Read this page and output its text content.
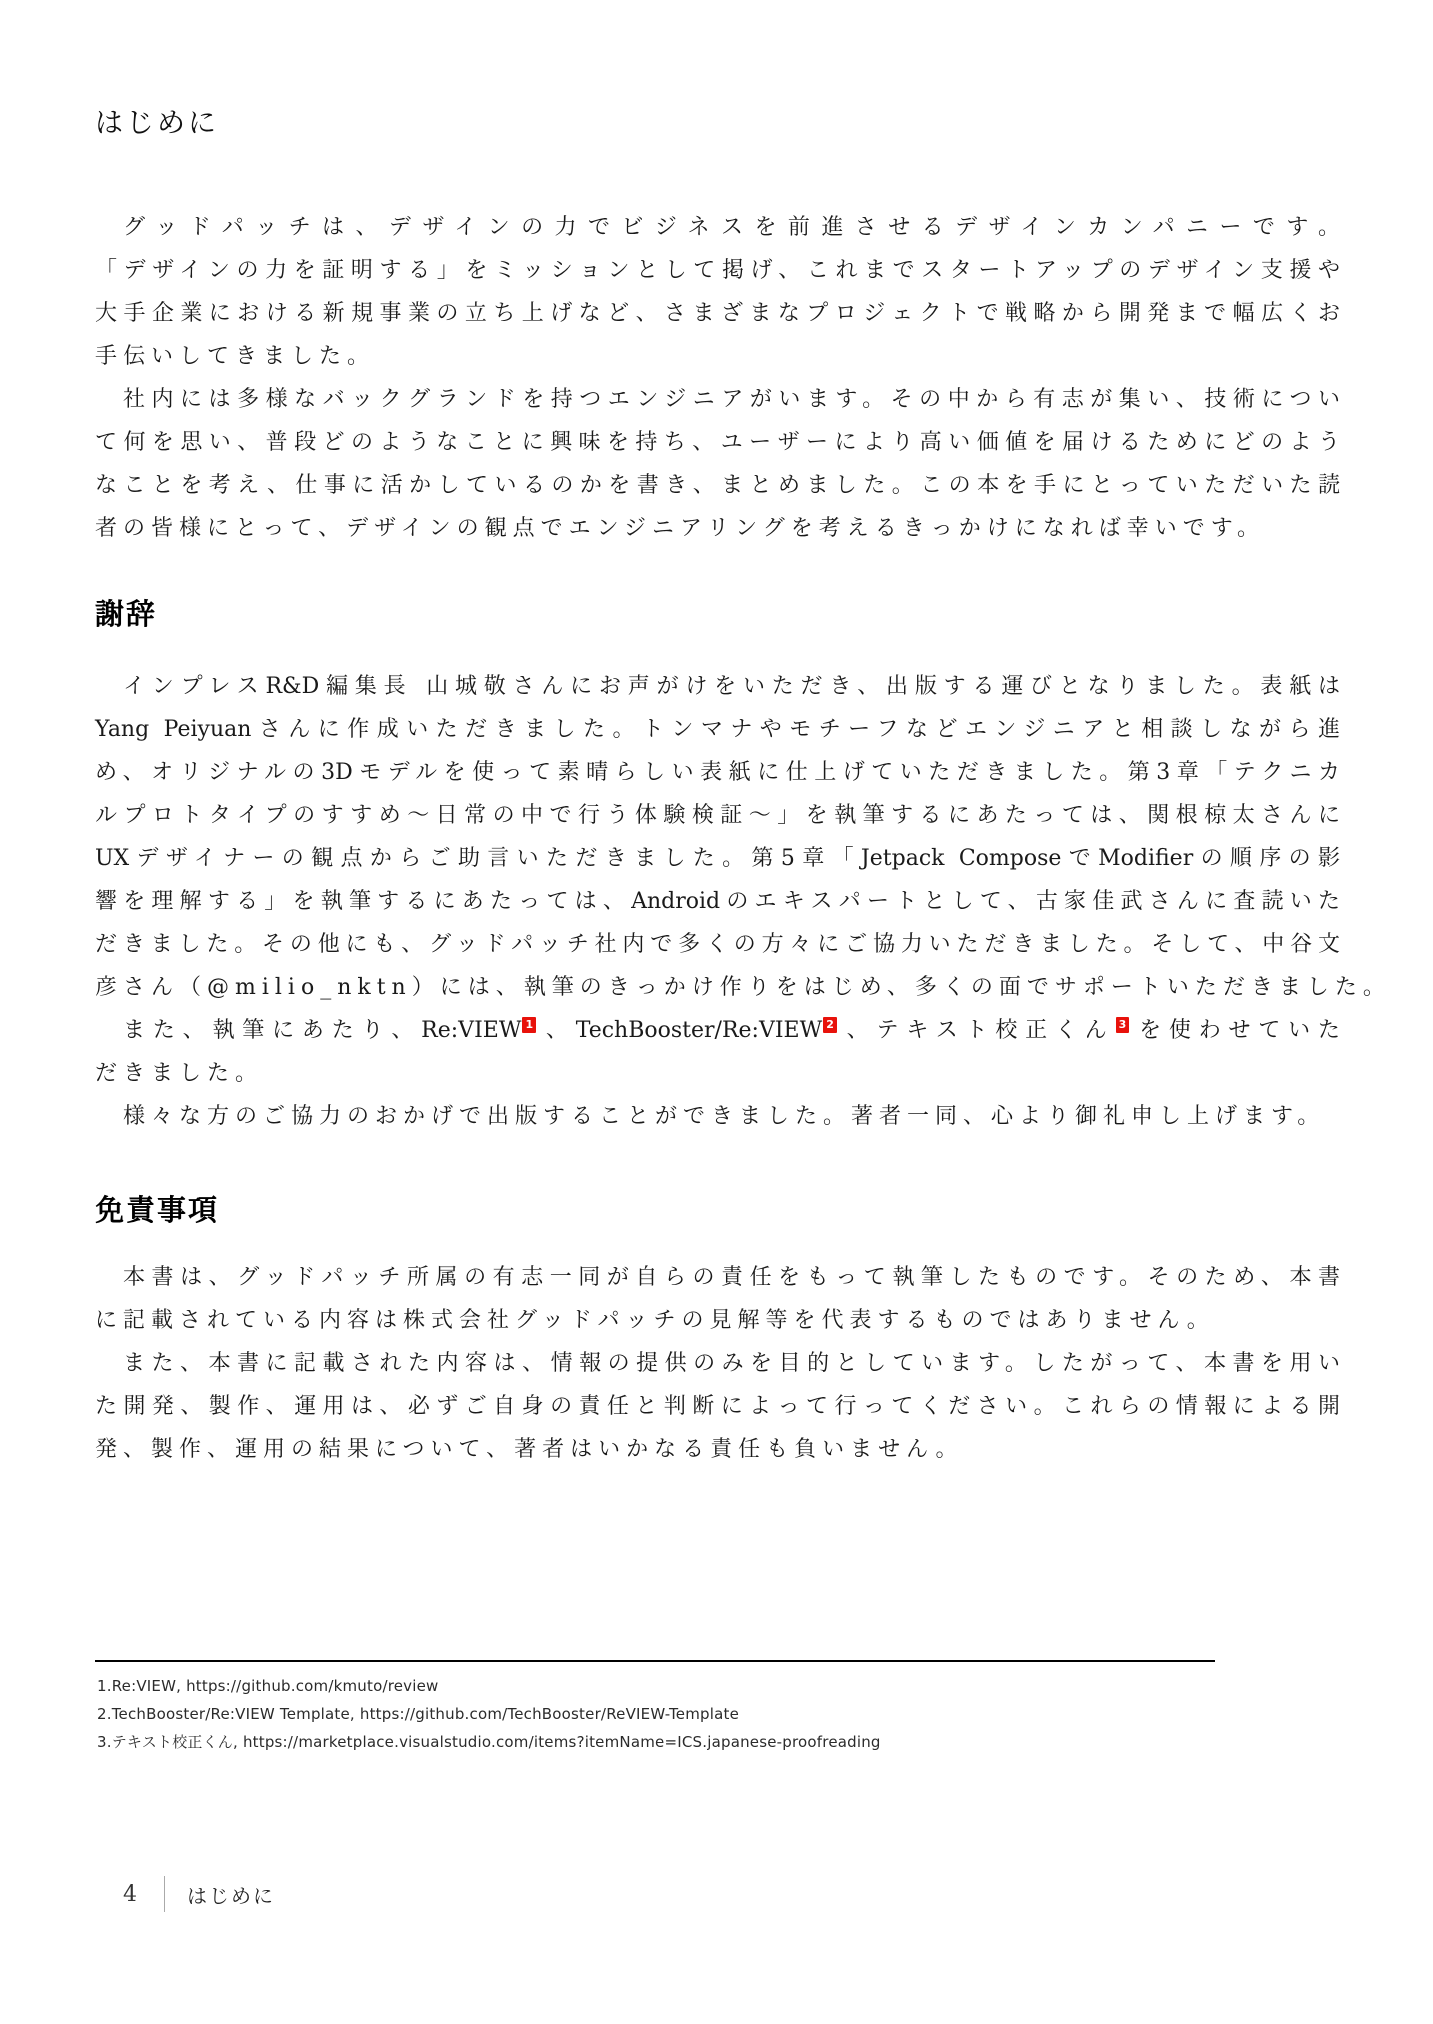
はじめに
グッドパッチは、デザインの力でビジネスを前進させるデザインカンパニーです。
「デザインの力を証明する」をミッションとして掲げ、これまでスタートアップのデザイン支援や
大手企業における新規事業の立ち上げなど、さまざまなプロジェクトで戦略から開発まで幅広くお
手伝いしてきました。
社内には多様なバックグランドを持つエンジニアがいます。その中から有志が集い、技術につい
て何を思い、普段どのようなことに興味を持ち、ユーザーにより高い価値を届けるためにどのよう
なことを考え、仕事に活かしているのかを書き、まとめました。この本を手にとっていただいた読
者の皆様にとって、デザインの観点でエンジニアリングを考えるきっかけになれば幸いです。
謝辞
インプレスR&D編集長 山城敬さんにお声がけをいただき、出版する運びとなりました。表紙は
Yang Peiyuanさんに作成いただきました。トンマナやモチーフなどエンジニアと相談しながら進
め、オリジナルの3Dモデルを使って素晴らしい表紙に仕上げていただきました。第3章「テクニカ
ルプロトタイプのすすめ〜日常の中で行う体験検証〜」を執筆するにあたっては、関根椋太さんに
UXデザイナーの観点からご助言いただきました。第5章「Jetpack ComposeでModifierの順序の影
響を理解する」を執筆するにあたっては、Androidのエキスパートとして、古家佳武さんに査読いた
だきました。その他にも、グッドパッチ社内で多くの方々にご協力いただきました。そして、中谷文
彦さん（@milio_nktn）には、執筆のきっかけ作りをはじめ、多くの面でサポートいただきました。
また、執筆にあたり、Re:VIEW 1 、TechBooster/Re:VIEW 2 、テキスト校正くん 3 を使わせていた
だきました。
様々な方のご協力のおかげで出版することができました。著者一同、心より御礼申し上げます。
免責事項
本書は、グッドパッチ所属の有志一同が自らの責任をもって執筆したものです。そのため、本書
に記載されている内容は株式会社グッドパッチの見解等を代表するものではありません。
また、本書に記載された内容は、情報の提供のみを目的としています。したがって、本書を用い
た開発、製作、運用は、必ずご自身の責任と判断によって行ってください。これらの情報による開
発、製作、運用の結果について、著者はいかなる責任も負いません。
1.Re:VIEW, https://github.com/kmuto/review
2.TechBooster/Re:VIEW Template, https://github.com/TechBooster/ReVIEW-Template
3.テキスト校正くん, https://marketplace.visualstudio.com/items?itemName=ICS.japanese-proofreading
4	はじめに
